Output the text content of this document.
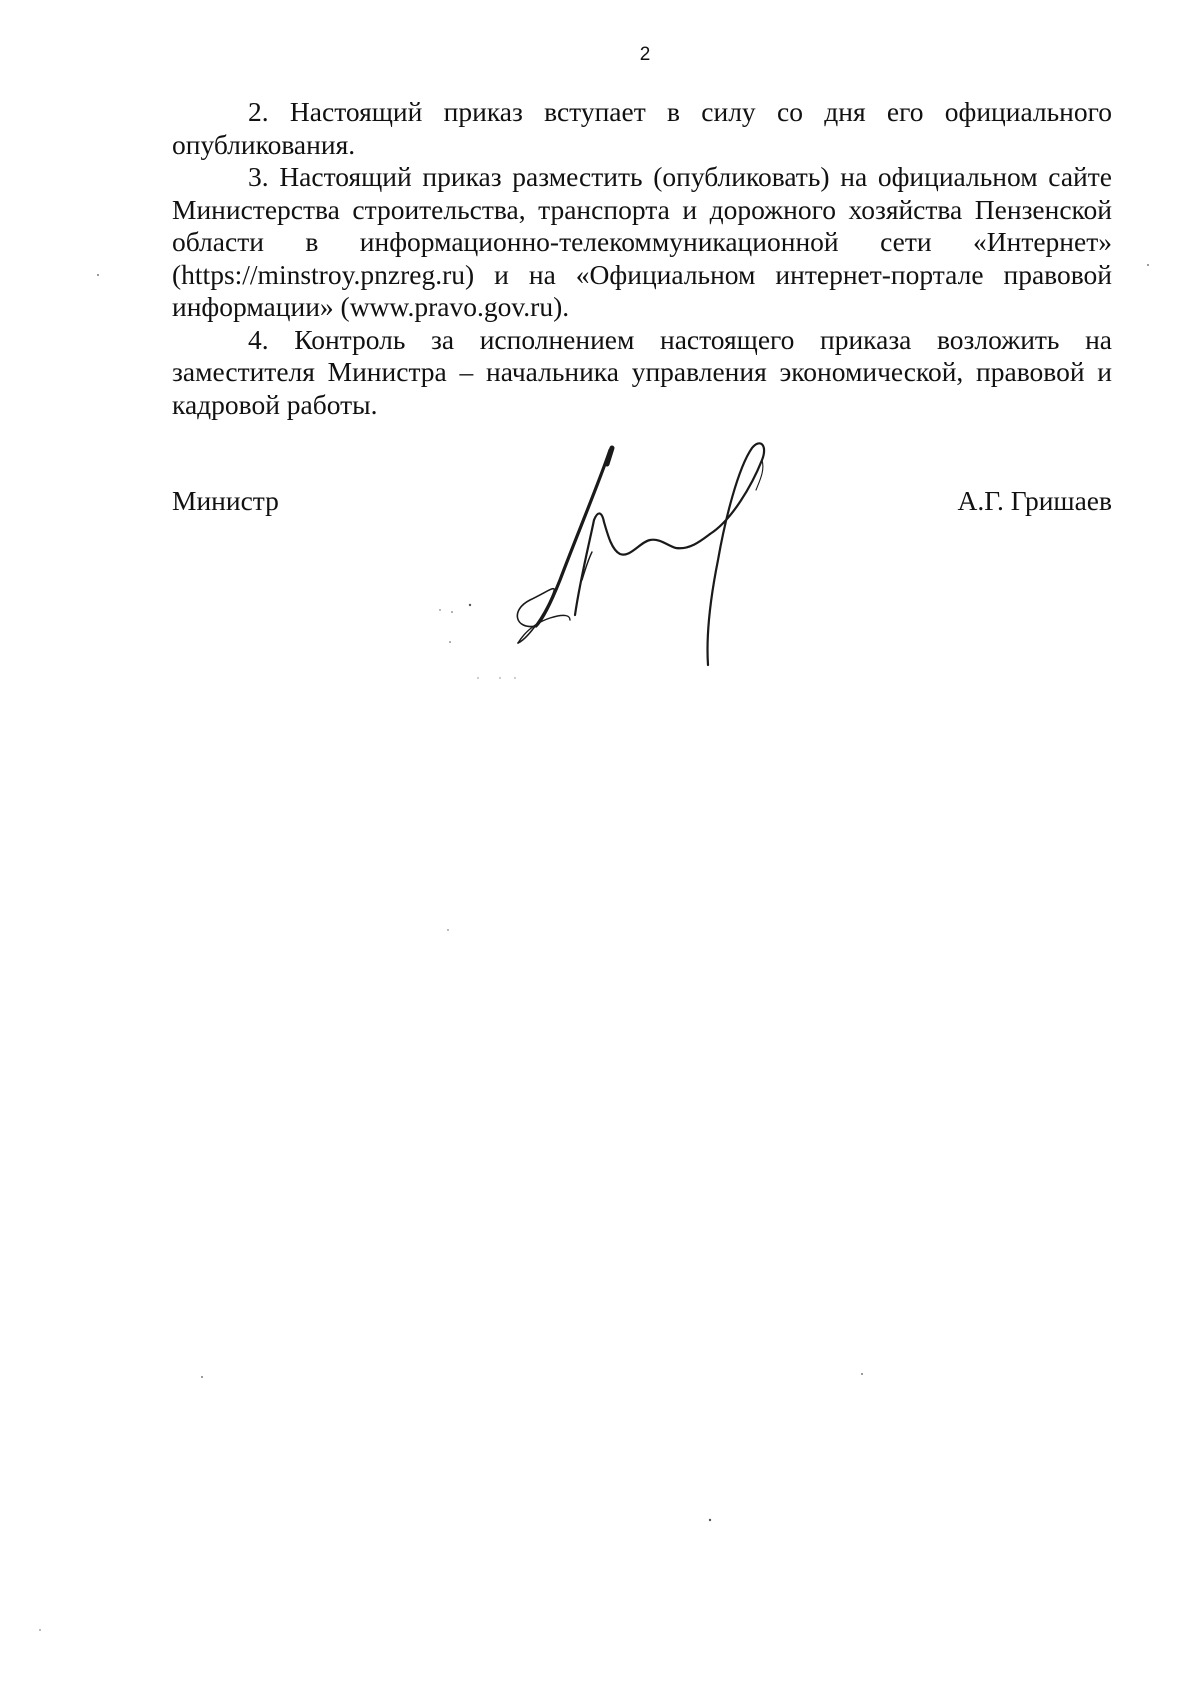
2

2. Настоящий приказ вступает в силу со дня его официального опубликования.

3. Настоящий приказ разместить (опубликовать) на официальном сайте Министерства строительства, транспорта и дорожного хозяйства Пензенской области в информационно-телекоммуникационной сети «Интернет» (https://minstroy.pnzreg.ru) и на «Официальном интернет-портале правовой информации» (www.pravo.gov.ru).

4. Контроль за исполнением настоящего приказа возложить на заместителя Министра – начальника управления экономической, правовой и кадровой работы.

Министр	А.Г. Гришаев
